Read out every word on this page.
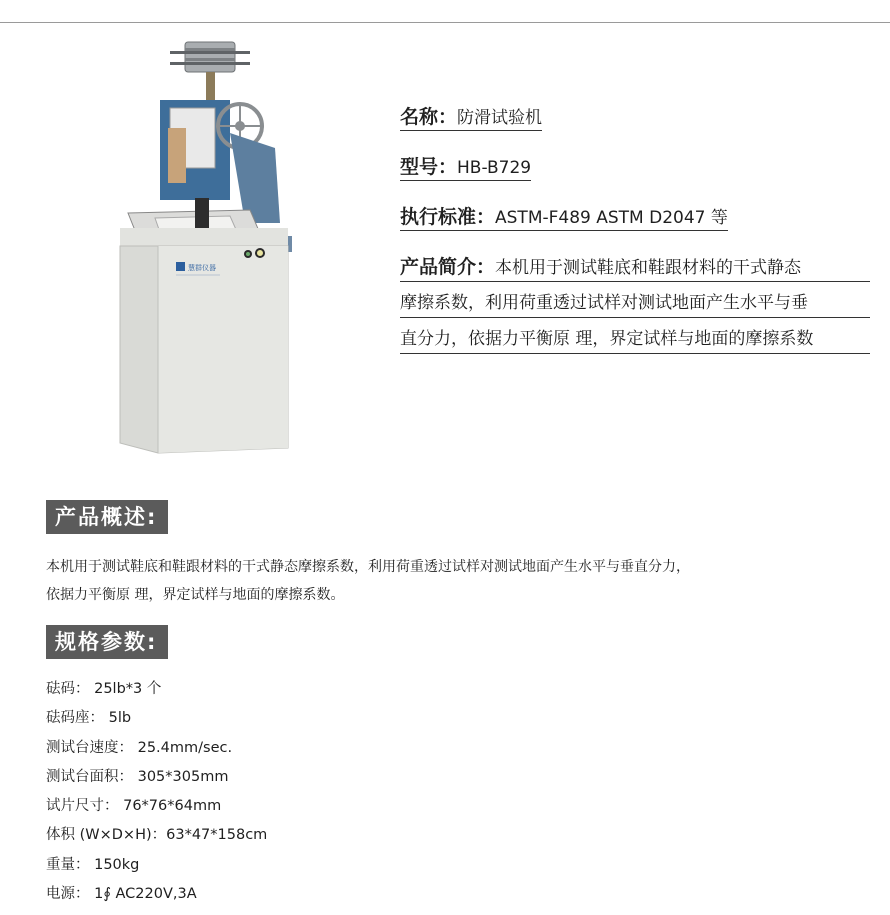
慧群仪器
名称：防滑试验机
型号：HB-B729
执行标准：ASTM-F489 ASTM D2047 等
产品简介：本机用于测试鞋底和鞋跟材料的干式静态
摩擦系数，利用荷重透过试样对测试地面产生水平与垂
直分力，依据力平衡原 理，界定试样与地面的摩擦系数
产品概述:
本机用于测试鞋底和鞋跟材料的干式静态摩擦系数，利用荷重透过试样对测试地面产生水平与垂直分力，
依据力平衡原 理，界定试样与地面的摩擦系数。
规格参数:
砝码： 25lb*3 个
砝码座： 5lb
测试台速度： 25.4mm/sec.
测试台面积： 305*305mm
试片尺寸： 76*76*64mm
体积 (W×D×H)：63*47*158cm
重量： 150kg
电源： 1∮ AC220V,3A
